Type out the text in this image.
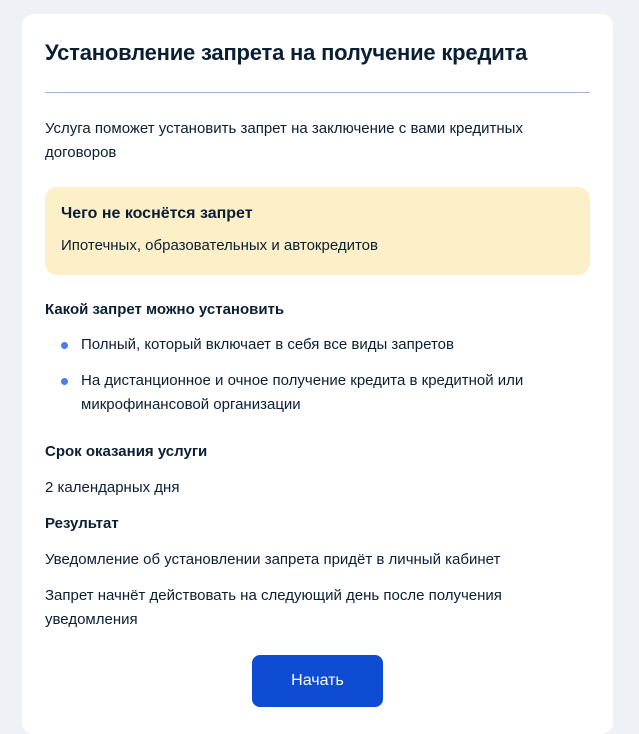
Установление запрета на получение кредита

Услуга поможет установить запрет на заключение с вами кредитных договоров

Чего не коснётся запрет
Ипотечных, образовательных и автокредитов
Какой запрет можно установить
Полный, который включает в себя все виды запретов
На дистанционное и очное получение кредита в кредитной или микрофинансовой организации
Срок оказания услуги
2 календарных дня
Результат
Уведомление об установлении запрета придёт в личный кабинет
Запрет начнёт действовать на следующий день после получения уведомления
Начать
